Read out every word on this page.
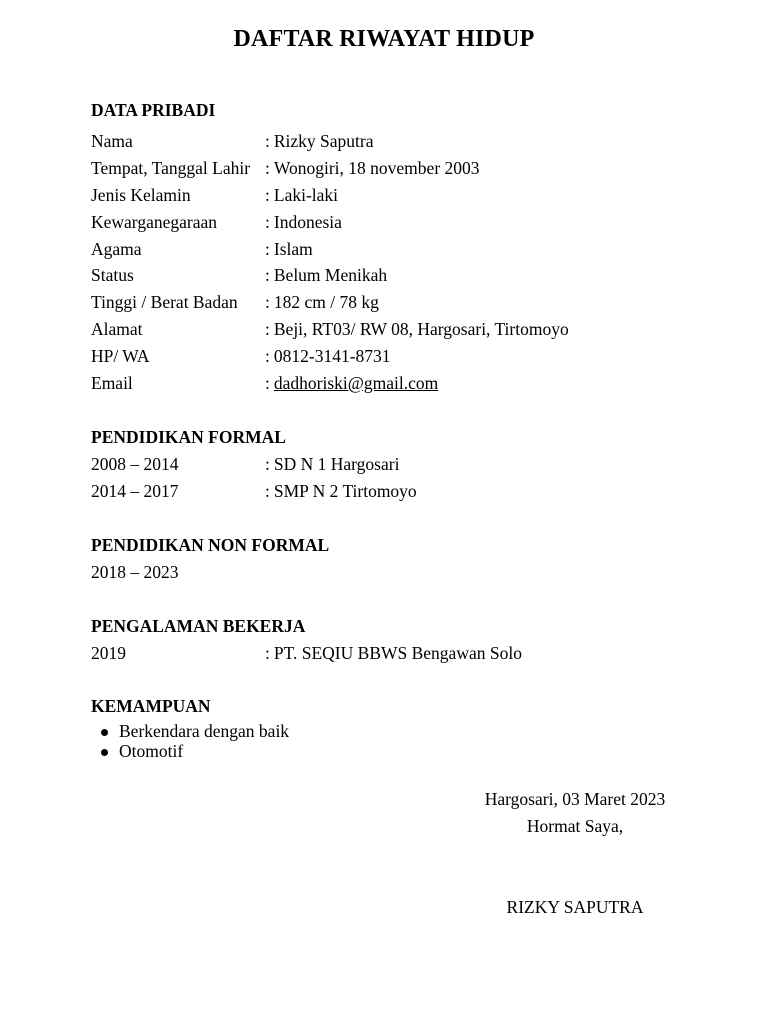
DAFTAR RIWAYAT HIDUP
DATA PRIBADI
Nama	: Rizky Saputra
Tempat, Tanggal Lahir : Wonogiri, 18 november 2003
Jenis Kelamin	: Laki-laki
Kewarganegaraan	: Indonesia
Agama	: Islam
Status	: Belum Menikah
Tinggi / Berat Badan : 182 cm / 78 kg
Alamat	: Beji, RT03/ RW 08, Hargosari, Tirtomoyo
HP/ WA	: 0812-3141-8731
Email	: dadhoriski@gmail.com
PENDIDIKAN FORMAL
2008 – 2014	: SD N 1 Hargosari
2014 – 2017	: SMP N 2 Tirtomoyo
PENDIDIKAN NON FORMAL
2018 – 2023
PENGALAMAN BEKERJA
2019	: PT. SEQIU BBWS Bengawan Solo
KEMAMPUAN
Berkendara dengan baik
Otomotif
Hargosari, 03 Maret 2023
Hormat Saya,
RIZKY SAPUTRA
